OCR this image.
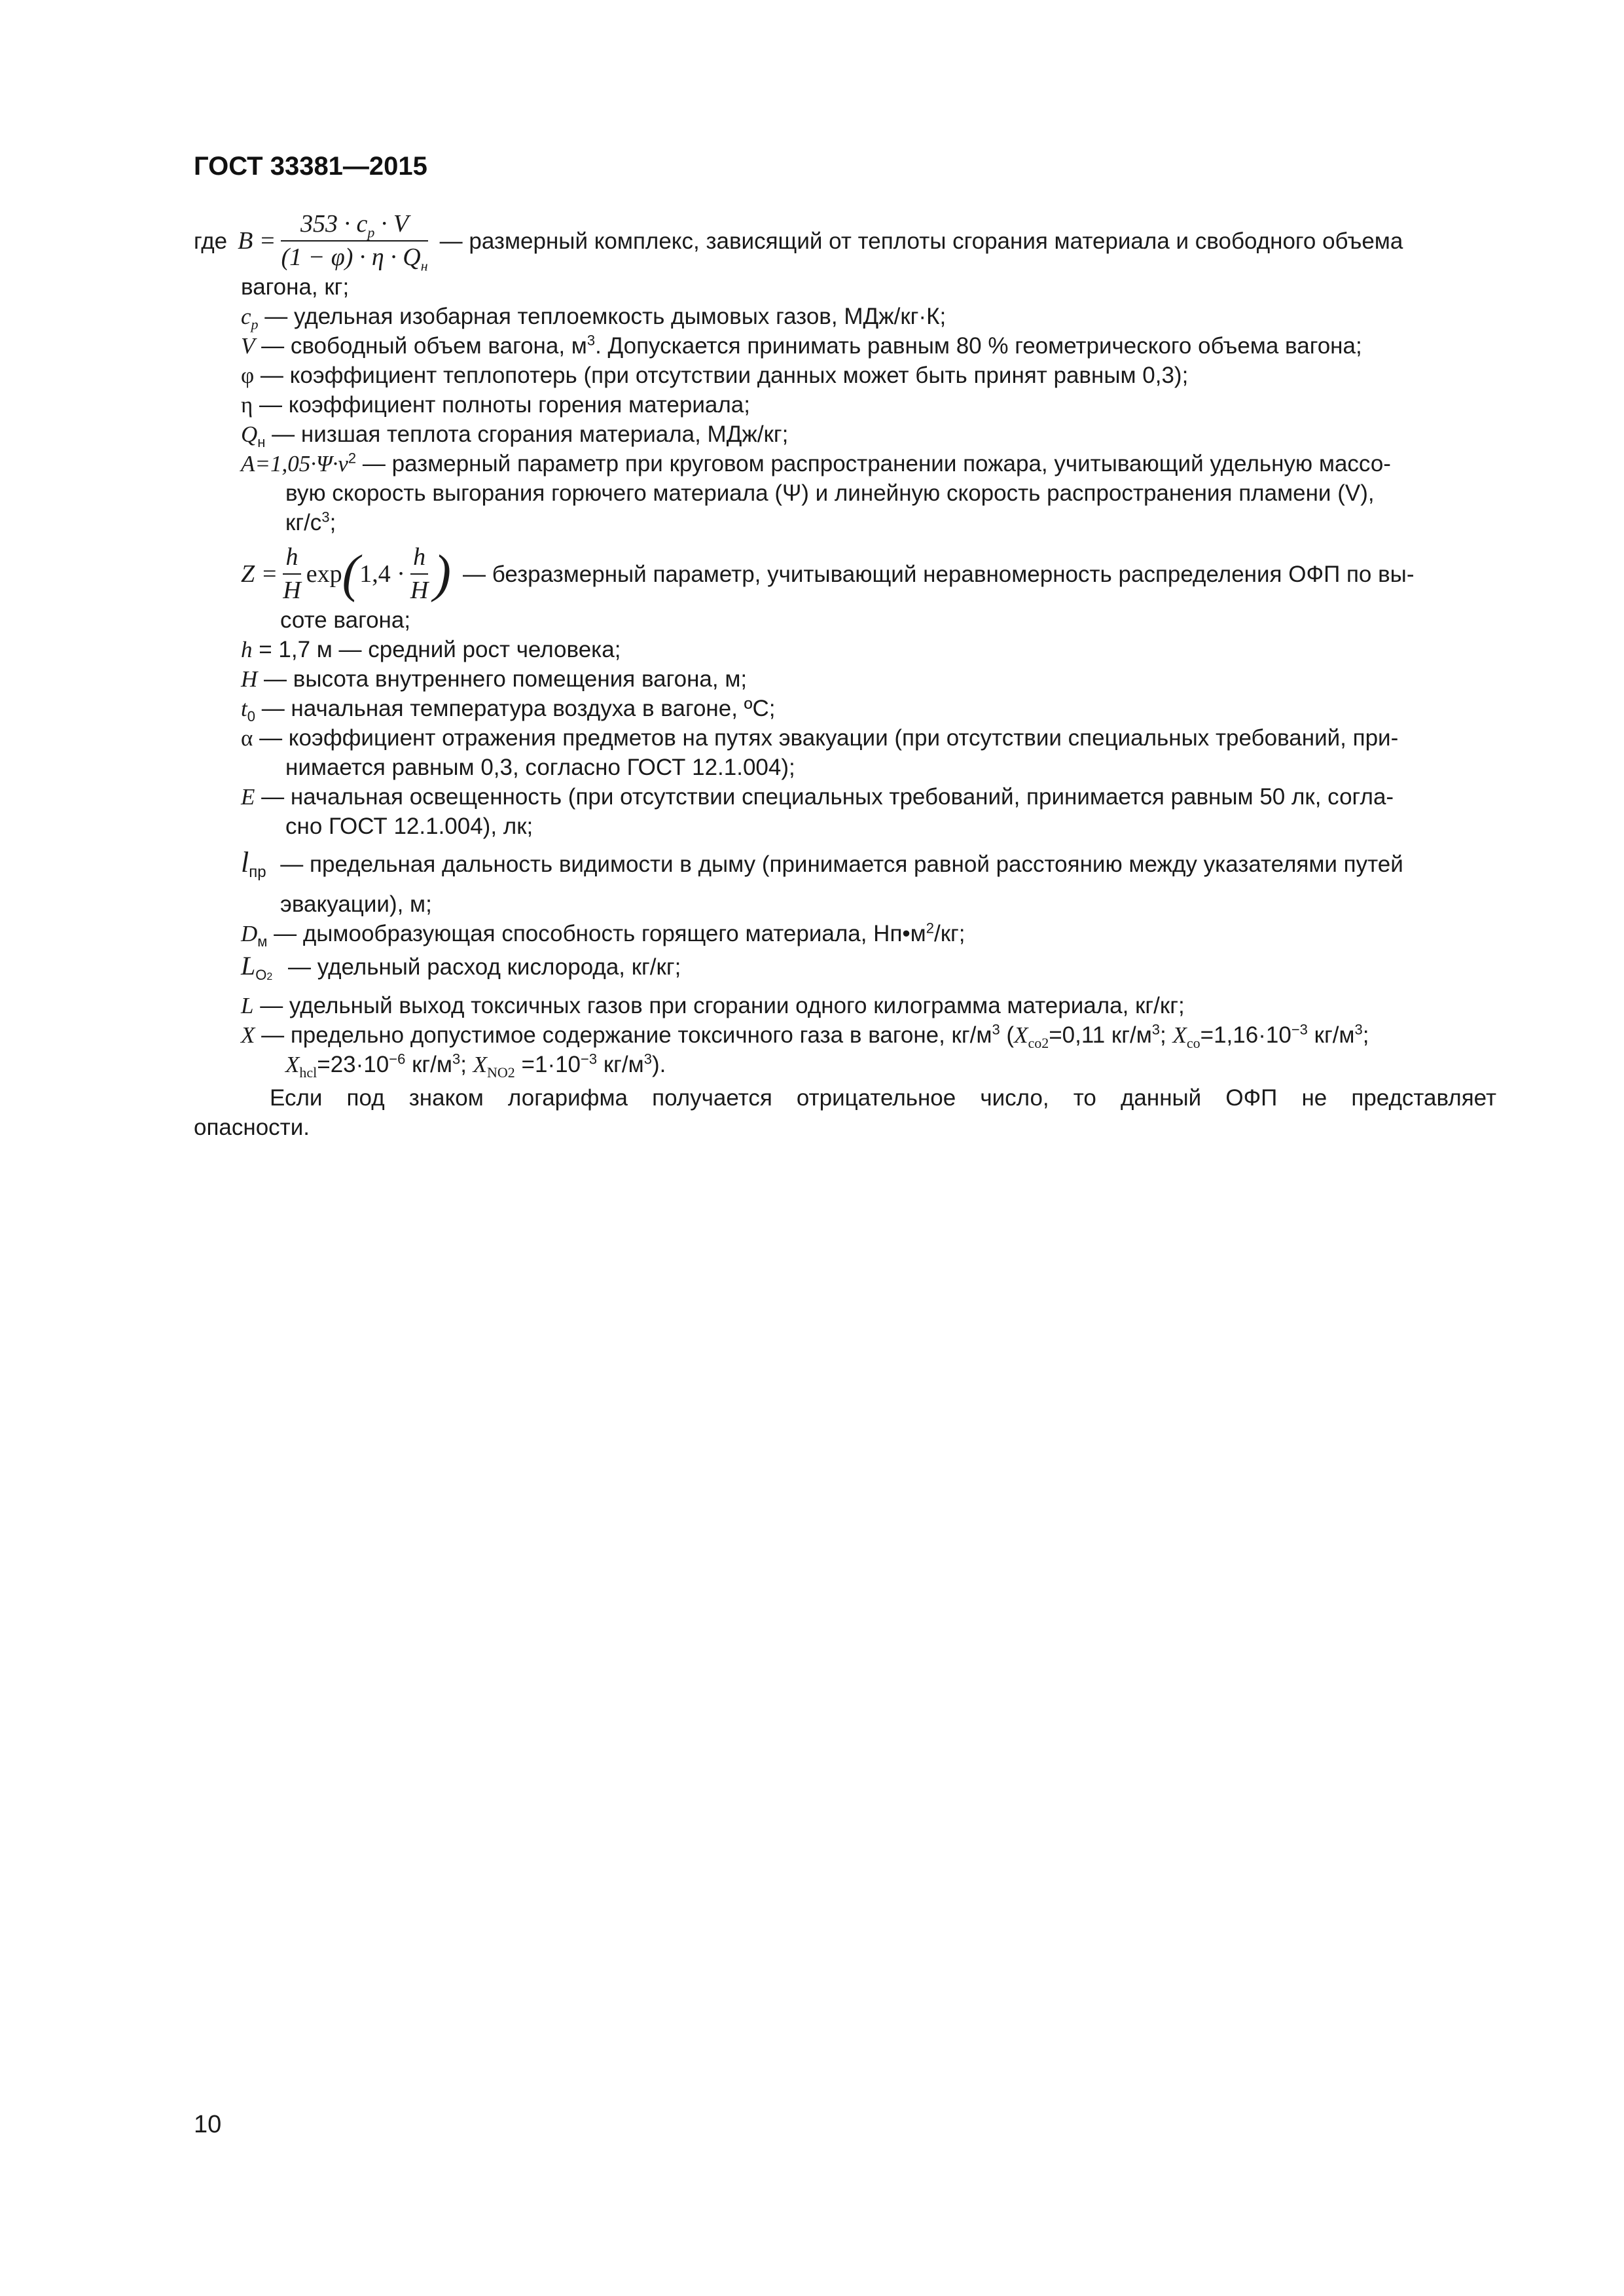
ГОСТ 33381—2015
где $B = \frac{353 \cdot c_p \cdot V}{(1 - \varphi) \cdot \eta \cdot Q_н}$ — размерный комплекс, зависящий от теплоты сгорания материала и свободного объема
вагона, кг;
$c_p$ — удельная изобарная теплоемкость дымовых газов, МДж/кг·К;
V — свободный объем вагона, $м^3$. Допускается принимать равным 80 % геометрического объема вагона;
φ — коэффициент теплопотерь (при отсутствии данных может быть принят равным 0,3);
η — коэффициент полноты горения материала;
$Q_н$ — низшая теплота сгорания материала, МДж/кг;
$A=1,05\cdot\Psi\cdot v^2$ — размерный параметр при круговом распространении пожара, учитывающий удельную массо-
вую скорость выгорания горючего материала (Ψ) и линейную скорость распространения пламени (V),
$кг/с^3$;
$Z = \frac{h}{H}$ exp ( $1,4 \cdot \frac{h}{H}$ ) — безразмерный параметр, учитывающий неравномерность распределения ОФП по вы-
соте вагона;
h = 1,7 м — средний рост человека;
H — высота внутреннего помещения вагона, м;
$t_0$ — начальная температура воздуха в вагоне, ºС;
α — коэффициент отражения предметов на путях эвакуации (при отсутствии специальных требований, при-
нимается равным 0,3, согласно ГОСТ 12.1.004);
E — начальная освещенность (при отсутствии специальных требований, принимается равным 50 лк, согла-
сно ГОСТ 12.1.004), лк;
$l_{пр}$ — предельная дальность видимости в дыму (принимается равной расстоянию между указателями путей
эвакуации), м;
$D_м$ — дымообразующая способность горящего материала, $Нп•м^2/кг$;
$L_{O2}$ — удельный расход кислорода, кг/кг;
L — удельный выход токсичных газов при сгорании одного килограмма материала, кг/кг;
X — предельно допустимое содержание токсичного газа в вагоне, $кг/м^3$ ($X_{co2}=0,11$ $кг/м^3$; $X_{co}=1,16\cdot 10^{-3}$ $кг/м^3$;
$X_{hcl}=23\cdot 10^{-6}$ $кг/м^3$; $X_{NO2} =1\cdot 10^{-3}$ $кг/м^3$).
Если под знаком логарифма получается отрицательное число, то данный ОФП не представляет
опасности.
10
